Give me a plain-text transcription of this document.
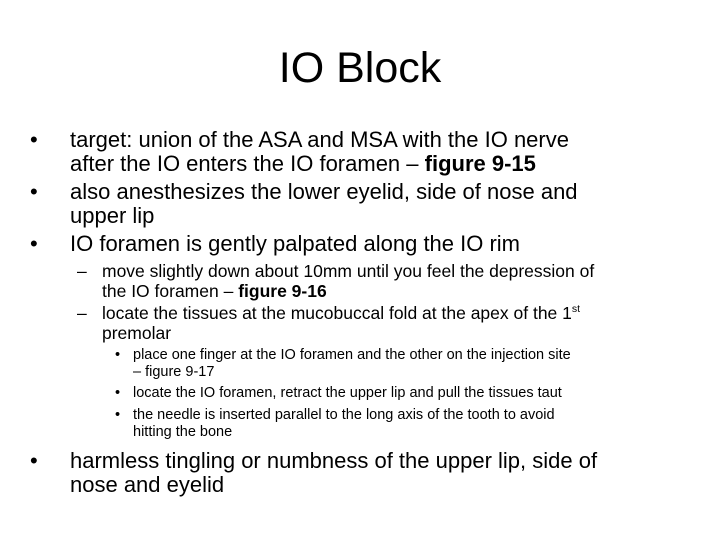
IO Block
• target: union of the ASA and MSA with the IO nerve
after the IO enters the IO foramen – figure 9-15
• also anesthesizes the lower eyelid, side of nose and
upper lip
• IO foramen is gently palpated along the IO rim
– move slightly down about 10mm until you feel the depression of
the IO foramen – figure 9-16
– locate the tissues at the mucobuccal fold at the apex of the 1st
premolar
• place one finger at the IO foramen and the other on the injection site
– figure 9-17
• locate the IO foramen, retract the upper lip and pull the tissues taut
• the needle is inserted parallel to the long axis of the tooth to avoid
hitting the bone
• harmless tingling or numbness of the upper lip, side of
nose and eyelid
